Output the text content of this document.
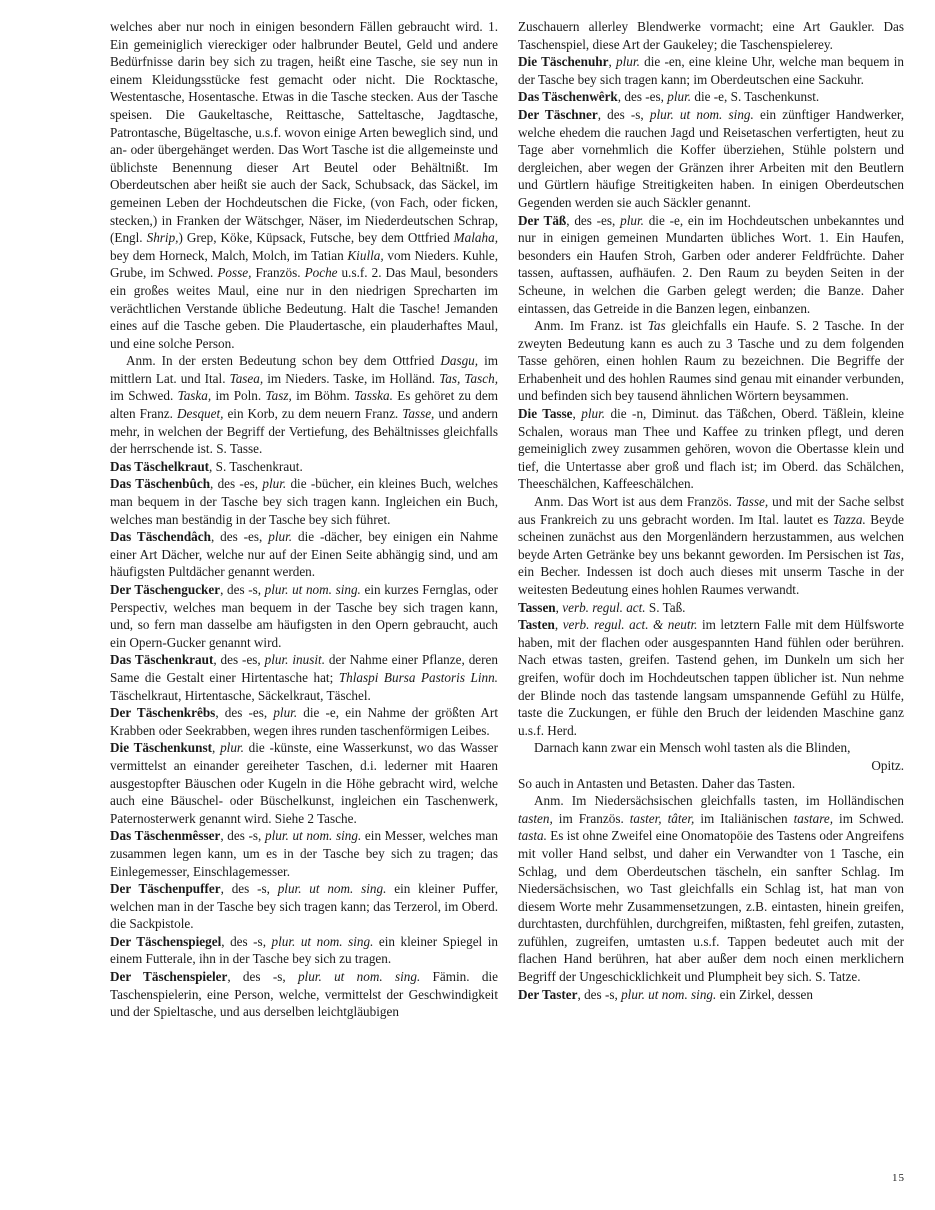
welches aber nur noch in einigen besondern Fällen gebraucht wird. 1. Ein gemeiniglich viereckiger oder halbrunder Beutel, Geld und andere Bedürfnisse darin bey sich zu tragen, heißt eine Tasche, sie sey nun in einem Kleidungsstücke fest gemacht oder nicht. Die Rocktasche, Westentasche, Hosentasche. Etwas in die Tasche stecken. Aus der Tasche speisen. Die Gaukeltasche, Reittasche, Satteltasche, Jagdtasche, Patrontasche, Bügeltasche, u.s.f. wovon einige Arten beweglich sind, und an- oder übergehänget werden. Das Wort Tasche ist die allgemeinste und üblichste Benennung dieser Art Beutel oder Behältnißt. Im Oberdeutschen aber heißt sie auch der Sack, Schubsack, das Säckel, im gemeinen Leben der Hochdeutschen die Ficke, (von Fach, oder ficken, stecken,) in Franken der Wätschger, Näser, im Niederdeutschen Schrap, (Engl. Shrip,) Grep, Köke, Küpsack, Futsche, bey dem Ottfried Malaha, bey dem Horneck, Malch, Molch, im Tatian Kiulla, vom Nieders. Kuhle, Grube, im Schwed. Posse, Französ. Poche u.s.f. 2. Das Maul, besonders ein großes weites Maul, eine nur in den niedrigen Sprecharten im verächtlichen Verstande übliche Bedeutung. Halt die Tasche! Jemanden eines auf die Tasche geben. Die Plaudertasche, ein plauderhaftes Maul, und eine solche Person.

Anm. In der ersten Bedeutung schon bey dem Ottfried Dasgu, im mittlern Lat. und Ital. Tasea, im Nieders. Taske, im Holländ. Tas, Tasch, im Schwed. Taska, im Poln. Tasz, im Böhm. Tasska. Es gehöret zu dem alten Franz. Desquet, ein Korb, zu dem neuern Franz. Tasse, und andern mehr, in welchen der Begriff der Vertiefung, des Behältnisses gleichfalls der herrschende ist. S. Tasse.

Das Täschelkraut, S. Taschenkraut.

Das Täschenbûch, des -es, plur. die -bücher, ein kleines Buch, welches man bequem in der Tasche bey sich tragen kann. Ingleichen ein Buch, welches man beständig in der Tasche bey sich führet.

Das Täschendâch, des -es, plur. die -dächer, bey einigen ein Nahme einer Art Dächer, welche nur auf der Einen Seite abhängig sind, und am häufigsten Pultdächer genannt werden.

Der Täschengucker, des -s, plur. ut nom. sing. ein kurzes Fernglas, oder Perspectiv, welches man bequem in der Tasche bey sich tragen kann, und, so fern man dasselbe am häufigsten in den Opern gebraucht, auch ein Opern-Gucker genannt wird.

Das Täschenkraut, des -es, plur. inusit. der Nahme einer Pflanze, deren Same die Gestalt einer Hirtentasche hat; Thlaspi Bursa Pastoris Linn. Täschelkraut, Hirtentasche, Säckelkraut, Täschel.

Der Täschenkrêbs, des -es, plur. die -e, ein Nahme der größten Art Krabben oder Seekrabben, wegen ihres runden taschenförmigen Leibes.

Die Täschenkunst, plur. die -künste, eine Wasserkunst, wo das Wasser vermittelst an einander gereiheter Taschen, d.i. lederner mit Haaren ausgestopfter Bäuschen oder Kugeln in die Höhe gebracht wird, welche auch eine Bäuschel- oder Büschelkunst, ingleichen ein Taschenwerk, Paternosterwerk genannt wird. Siehe 2 Tasche.

Das Täschenmêsser, des -s, plur. ut nom. sing. ein Messer, welches man zusammen legen kann, um es in der Tasche bey sich zu tragen; das Einlegemesser, Einschlagemesser.

Der Täschenpuffer, des -s, plur. ut nom. sing. ein kleiner Puffer, welchen man in der Tasche bey sich tragen kann; das Terzerol, im Oberd. die Sackpistole.

Der Täschenspiegel, des -s, plur. ut nom. sing. ein kleiner Spiegel in einem Futterale, ihn in der Tasche bey sich zu tragen.

Der Täschenspieler, des -s, plur. ut nom. sing. Fämin. die Taschenspielerin, eine Person, welche, vermittelst der Geschwindigkeit und der Spieltasche, und aus derselben leichtgläubigen

Zuschauern allerley Blendwerke vormacht; eine Art Gaukler. Das Taschenspiel, diese Art der Gaukeley; die Taschenspielerey.

Die Täschenuhr, plur. die -en, eine kleine Uhr, welche man bequem in der Tasche bey sich tragen kann; im Oberdeutschen eine Sackuhr.

Das Täschenwêrk, des -es, plur. die -e, S. Taschenkunst.

Der Täschner, des -s, plur. ut nom. sing. ein zünftiger Handwerker, welche ehedem die rauchen Jagd und Reisetaschen verfertigten, heut zu Tage aber vornehmlich die Koffer überziehen, Stühle polstern und dergleichen, aber wegen der Gränzen ihrer Arbeiten mit den Beutlern und Gürtlern häufige Streitigkeiten haben. In einigen Oberdeutschen Gegenden werden sie auch Säckler genannt.

Der Täß, des -es, plur. die -e, ein im Hochdeutschen unbekanntes und nur in einigen gemeinen Mundarten übliches Wort. 1. Ein Haufen, besonders ein Haufen Stroh, Garben oder anderer Feldfrüchte. Daher tassen, auftassen, aufhäufen. 2. Den Raum zu beyden Seiten in der Scheune, in welchen die Garben gelegt werden; die Banze. Daher eintassen, das Getreide in die Banzen legen, einbanzen.

Anm. Im Franz. ist Tas gleichfalls ein Haufe. S. 2 Tasche. In der zweyten Bedeutung kann es auch zu 3 Tasche und zu dem folgenden Tasse gehören, einen hohlen Raum zu bezeichnen. Die Begriffe der Erhabenheit und des hohlen Raumes sind genau mit einander verbunden, und befinden sich bey tausend ähnlichen Wörtern beysammen.

Die Tasse, plur. die -n, Diminut. das Täßchen, Oberd. Täßlein, kleine Schalen, woraus man Thee und Kaffee zu trinken pflegt, und deren gemeiniglich zwey zusammen gehören, wovon die Obertasse klein und tief, die Untertasse aber groß und flach ist; im Oberd. das Schälchen, Theeschälchen, Kaffeeschälchen.

Anm. Das Wort ist aus dem Französ. Tasse, und mit der Sache selbst aus Frankreich zu uns gebracht worden. Im Ital. lautet es Tazza. Beyde scheinen zunächst aus den Morgenländern herzustammen, aus welchen beyde Arten Getränke bey uns bekannt geworden. Im Persischen ist Tas, ein Becher. Indessen ist doch auch dieses mit unserm Tasche in der weitesten Bedeutung eines hohlen Raumes verwandt.

Tassen, verb. regul. act. S. Taß.

Tasten, verb. regul. act. & neutr. im letztern Falle mit dem Hülfsworte haben, mit der flachen oder ausgespannten Hand fühlen oder berühren. Nach etwas tasten, greifen. Tastend gehen, im Dunkeln um sich her greifen, wofür doch im Hochdeutschen tappen üblicher ist. Nun nehme der Blinde noch das tastende langsam umspannende Gefühl zu Hülfe, taste die Zuckungen, er fühle den Bruch der leidenden Maschine ganz u.s.f. Herd.

Darnach kann zwar ein Mensch wohl tasten als die Blinden,

Opitz.

So auch in Antasten und Betasten. Daher das Tasten.

Anm. Im Niedersächsischen gleichfalls tasten, im Holländischen tasten, im Französ. taster, tâter, im Italiänischen tastare, im Schwed. tasta. Es ist ohne Zweifel eine Onomatopöie des Tastens oder Angreifens mit voller Hand selbst, und daher ein Verwandter von 1 Tasche, ein Schlag, und dem Oberdeutschen täscheln, ein sanfter Schlag. Im Niedersächsischen, wo Tast gleichfalls ein Schlag ist, hat man von diesem Worte mehr Zusammensetzungen, z.B. eintasten, hinein greifen, durchtasten, durchfühlen, durchgreifen, mißtasten, fehl greifen, zutasten, zufühlen, zugreifen, umtasten u.s.f. Tappen bedeutet auch mit der flachen Hand berühren, hat aber außer dem noch einen merklichern Begriff der Ungeschicklichkeit und Plumpheit bey sich. S. Tatze.

Der Taster, des -s, plur. ut nom. sing. ein Zirkel, dessen

15
